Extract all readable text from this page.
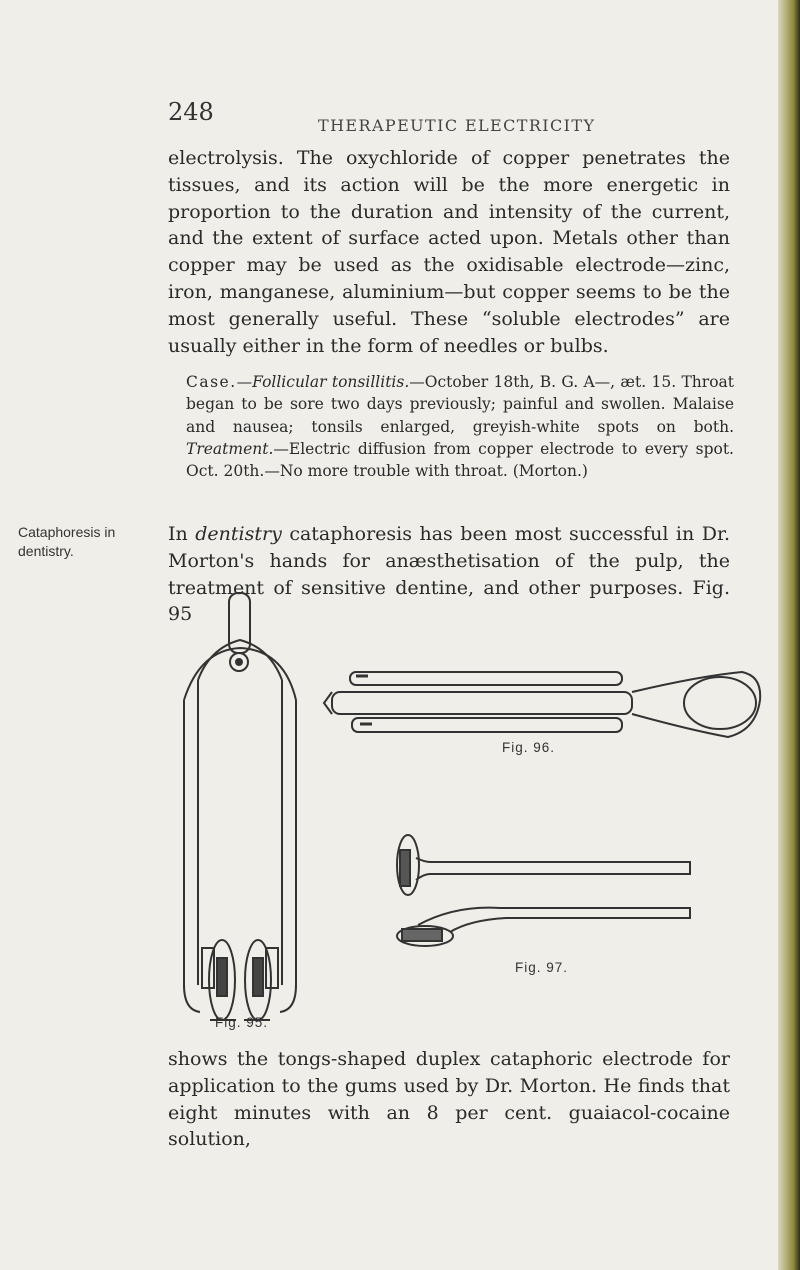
248	THERAPEUTIC ELECTRICITY

electrolysis. The oxychloride of copper penetrates the tissues, and its action will be the more energetic in proportion to the duration and intensity of the current, and the extent of surface acted upon. Metals other than copper may be used as the oxidisable electrode—zinc, iron, manganese, aluminium—but copper seems to be the most generally useful. These “soluble electrodes” are usually either in the form of needles or bulbs.

Case.—Follicular tonsillitis.—October 18th, B. G. A—, æt. 15. Throat began to be sore two days previously; painful and swollen. Malaise and nausea; tonsils enlarged, greyish-white spots on both. Treatment.—Electric diffusion from copper electrode to every spot. Oct. 20th.—No more trouble with throat. (Morton.)

Cataphoresis in dentistry.

In dentistry cataphoresis has been most successful in Dr. Morton's hands for anæsthetisation of the pulp, the treatment of sensitive dentine, and other purposes. Fig. 95

Fig. 95.
Fig. 96.
Fig. 97.

shows the tongs-shaped duplex cataphoric electrode for application to the gums used by Dr. Morton. He finds that eight minutes with an 8 per cent. guaiacol-cocaine solution,
